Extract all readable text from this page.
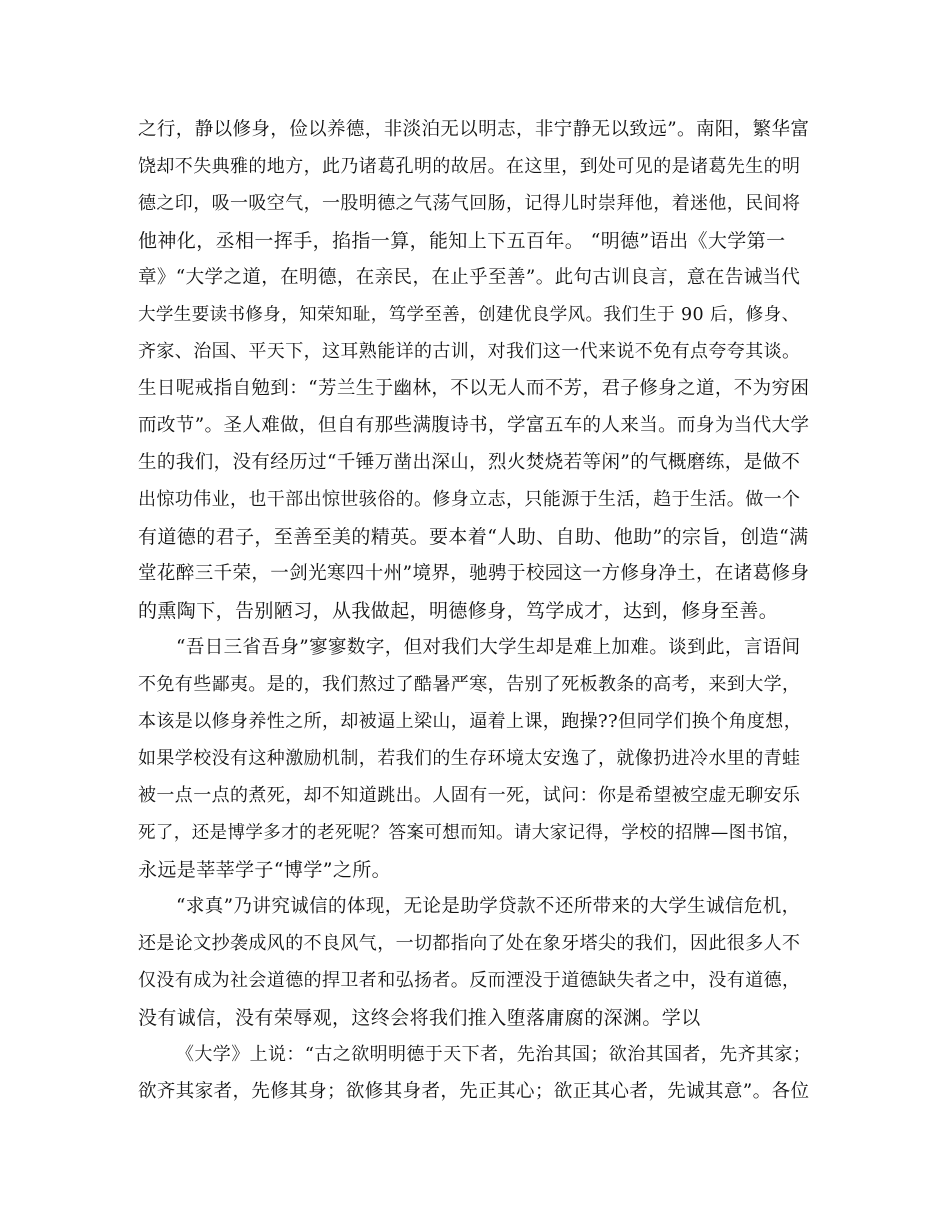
之行，静以修身，俭以养德，非淡泊无以明志，非宁静无以致远”。南阳，繁华富
饶却不失典雅的地方，此乃诸葛孔明的故居。在这里，到处可见的是诸葛先生的明
德之印，吸一吸空气，一股明德之气荡气回肠，记得儿时崇拜他，着迷他，民间将
他神化，丞相一挥手，掐指一算，能知上下五百年。 “明德”语出《大学第一
章》“大学之道，在明德，在亲民，在止乎至善”。此句古训良言，意在告诫当代
大学生要读书修身，知荣知耻，笃学至善，创建优良学风。我们生于 90 后，修身、
齐家、治国、平天下，这耳熟能详的古训，对我们这一代来说不免有点夸夸其谈。
生日呢戒指自勉到：“芳兰生于幽林，不以无人而不芳，君子修身之道，不为穷困
而改节”。圣人难做，但自有那些满腹诗书，学富五车的人来当。而身为当代大学
生的我们，没有经历过“千锤万凿出深山，烈火焚烧若等闲”的气概磨练，是做不
出惊功伟业，也干部出惊世骇俗的。修身立志，只能源于生活，趋于生活。做一个
有道德的君子，至善至美的精英。要本着“人助、自助、他助”的宗旨，创造“满
堂花醉三千荣，一剑光寒四十州”境界，驰骋于校园这一方修身净土，在诸葛修身
的熏陶下，告别陋习，从我做起，明德修身，笃学成才，达到，修身至善。
“吾日三省吾身”寥寥数字，但对我们大学生却是难上加难。谈到此，言语间
不免有些鄙夷。是的，我们熬过了酷暑严寒，告别了死板教条的高考，来到大学，
本该是以修身养性之所，却被逼上梁山，逼着上课，跑操??但同学们换个角度想，
如果学校没有这种激励机制，若我们的生存环境太安逸了，就像扔进冷水里的青蛙
被一点一点的煮死，却不知道跳出。人固有一死，试问：你是希望被空虚无聊安乐
死了，还是博学多才的老死呢？答案可想而知。请大家记得，学校的招牌—图书馆，
永远是莘莘学子“博学”之所。
“求真”乃讲究诚信的体现，无论是助学贷款不还所带来的大学生诚信危机，
还是论文抄袭成风的不良风气，一切都指向了处在象牙塔尖的我们，因此很多人不
仅没有成为社会道德的捍卫者和弘扬者。反而湮没于道德缺失者之中，没有道德，
没有诚信，没有荣辱观，这终会将我们推入堕落庸腐的深渊。学以
《大学》上说：“古之欲明明德于天下者，先治其国；欲治其国者，先齐其家；
欲齐其家者，先修其身；欲修其身者，先正其心；欲正其心者，先诚其意”。各位
